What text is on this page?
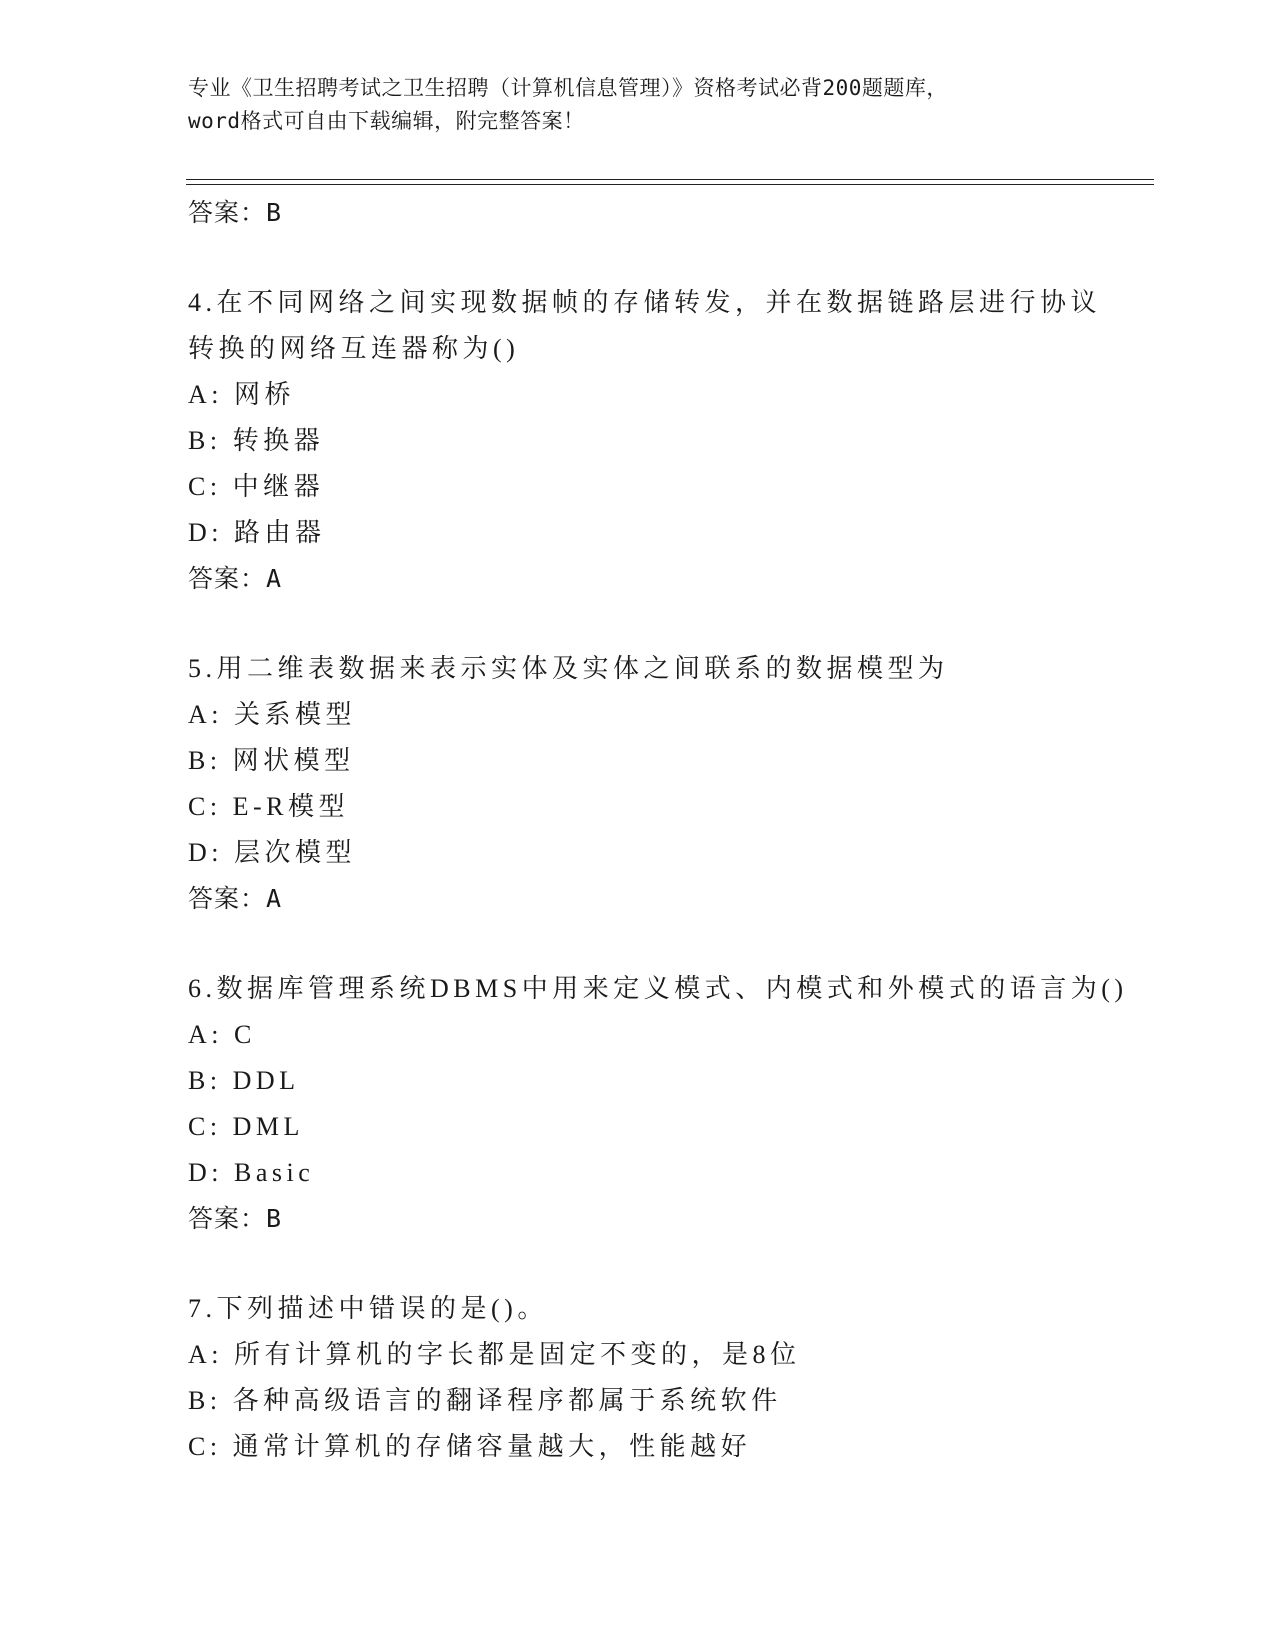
专业《卫生招聘考试之卫生招聘（计算机信息管理）》资格考试必背200题题库，
word格式可自由下载编辑，附完整答案！
答案：B
4.在不同网络之间实现数据帧的存储转发，并在数据链路层进行协议
转换的网络互连器称为()
A: 网桥
B: 转换器
C: 中继器
D: 路由器
答案：A
5.用二维表数据来表示实体及实体之间联系的数据模型为
A: 关系模型
B: 网状模型
C: E-R模型
D: 层次模型
答案：A
6.数据库管理系统DBMS中用来定义模式、内模式和外模式的语言为()
A: C
B: DDL
C: DML
D: Basic
答案：B
7.下列描述中错误的是()。
A: 所有计算机的字长都是固定不变的，是8位
B: 各种高级语言的翻译程序都属于系统软件
C: 通常计算机的存储容量越大，性能越好
